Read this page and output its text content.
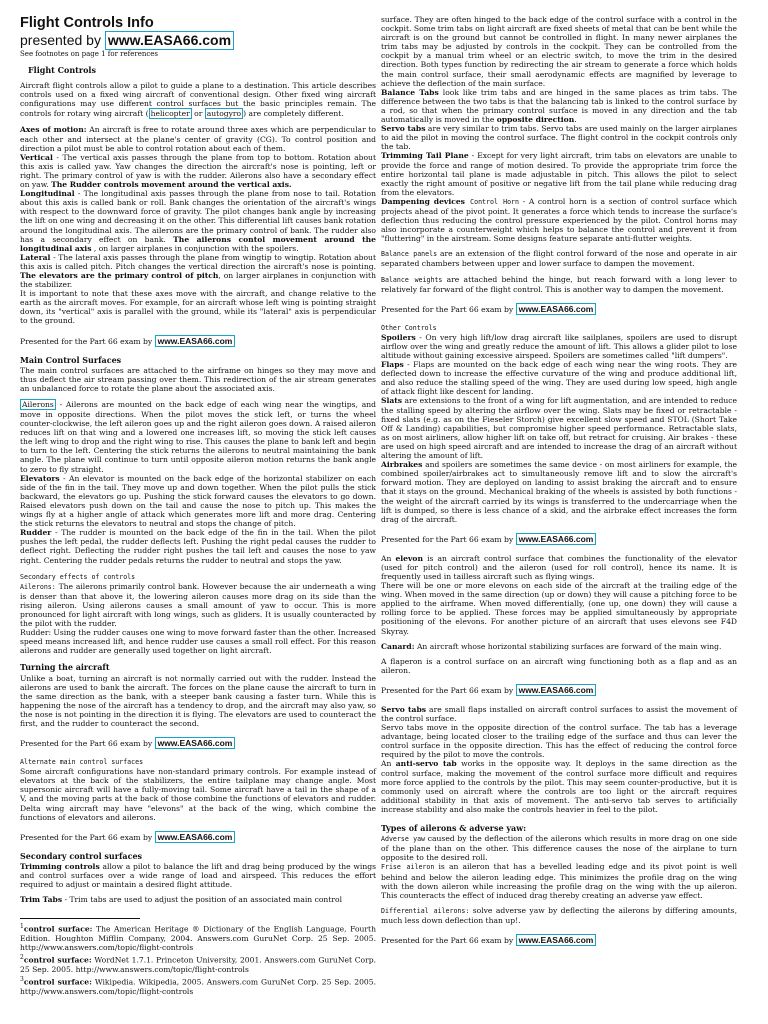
Flight Controls Info

presented by www.EASA66.com

See footnotes on page 1 for references

Flight Controls

Aircraft flight controls allow a pilot to guide a plane to a destination. This article describes controls used on a fixed wing aircraft of conventional design. Other fixed wing aircraft configurations may use different control surfaces but the basic principles remain. The controls for rotary wing aircraft ( helicopter or autogyro ) are completely different.

Axes of motion: An aircraft is free to rotate around three axes which are perpendicular to each other and intersect at the plane's center of gravity (CG). To control position and direction a pilot must be able to control rotation about each of them.

Vertical - The vertical axis passes through the plane from top to bottom. Rotation about this axis is called yaw. Yaw changes the direction the aircraft's nose is pointing, left or right. The primary control of yaw is with the rudder. Ailerons also have a secondary effect on yaw. The Rudder controls movement around the vertical axis.

Longitudinal - The longitudinal axis passes through the plane from nose to tail. Rotation about this axis is called bank or roll. Bank changes the orientation of the aircraft's wings with respect to the downward force of gravity. The pilot changes bank angle by increasing the lift on one wing and decreasing it on the other. This differential lift causes bank rotation around the longitudinal axis. The ailerons are the primary control of bank. The rudder also has a secondary effect on bank. The ailerons contol movement around the longitudinal axis , on larger airplanes in conjunction with the spoilers.

Lateral - The lateral axis passes through the plane from wingtip to wingtip. Rotation about this axis is called pitch. Pitch changes the vertical direction the aircraft's nose is pointing. The elevators are the primary control of pitch, on larger airplanes in conjunction with the stabilizer.

It is important to note that these axes move with the aircraft, and change relative to the earth as the aircraft moves. For example, for an aircraft whose left wing is pointing straight down, its "vertical" axis is parallel with the ground, while its "lateral" axis is perpendicular to the ground.

Presented for the Part 66 exam by www.EASA66.com

Main Control Surfaces

The main control surfaces are attached to the airframe on hinges so they may move and thus deflect the air stream passing over them. This redirection of the air stream generates an unbalanced force to rotate the plane about the associated axis.

Ailerons - Ailerons are mounted on the back edge of each wing near the wingtips, and move in opposite directions. When the pilot moves the stick left, or turns the wheel counter-clockwise, the left aileron goes up and the right aileron goes down. A raised aileron reduces lift on that wing and a lowered one increases lift, so moving the stick left causes the left wing to drop and the right wing to rise. This causes the plane to bank left and begin to turn to the left. Centering the stick returns the ailerons to neutral maintaining the bank angle. The plane will continue to turn until opposite aileron motion returns the bank angle to zero to fly straight.

Elevators - An elevator is mounted on the back edge of the horizontal stabilizer on each side of the fin in the tail. They move up and down together. When the pilot pulls the stick backward, the elevators go up. Pushing the stick forward causes the elevators to go down. Raised elevators push down on the tail and cause the nose to pitch up. This makes the wings fly at a higher angle of attack which generates more lift and more drag. Centering the stick returns the elevators to neutral and stops the change of pitch.

Rudder - The rudder is mounted on the back edge of the fin in the tail. When the pilot pushes the left pedal, the rudder deflects left. Pushing the right pedal causes the rudder to deflect right. Deflecting the rudder right pushes the tail left and causes the nose to yaw right. Centering the rudder pedals returns the rudder to neutral and stops the yaw.

Secondary effects of controls

Ailerons: The ailerons primarily control bank. However because the air underneath a wing is denser than that above it, the lowering aileron causes more drag on its side than the rising aileron. Using ailerons causes a small amount of yaw to occur. This is more pronounced for light aircraft with long wings, such as gliders. It is usually counteracted by the pilot with the rudder.

Rudder: Using the rudder causes one wing to move forward faster than the other. Increased speed means increased lift, and hence rudder use causes a small roll effect. For this reason ailerons and rudder are generally used together on light aircraft.

Turning the aircraft

Unlike a boat, turning an aircraft is not normally carried out with the rudder. Instead the ailerons are used to bank the aircraft. The forces on the plane cause the aircraft to turn in the same direction as the bank, with a steeper bank causing a faster turn. While this is happening the nose of the aircraft has a tendency to drop, and the aircraft may also yaw, so the nose is not pointing in the direction it is flying. The elevators are used to counteract the first, and the rudder to counteract the second.

Presented for the Part 66 exam by www.EASA66.com

Alternate main control surfaces

Some aircraft configurations have non-standard primary controls. For example instead of elevators at the back of the stabilizers, the entire tailplane may change angle. Most supersonic aircraft will have a fully-moving tail. Some aircraft have a tail in the shape of a V, and the moving parts at the back of those combine the functions of elevators and rudder. Delta wing aircraft may have "elevons" at the back of the wing, which combine the functions of elevators and ailerons.

Presented for the Part 66 exam by www.EASA66.com

Secondary control surfaces

Trimming controls allow a pilot to balance the lift and drag being produced by the wings and control surfaces over a wide range of load and airspeed. This reduces the effort required to adjust or maintain a desired flight attitude.

Trim Tabs - Trim tabs are used to adjust the position of an associated main control

$^1$control surface: The American Heritage ® Dictionary of the English Language, Fourth Edition. Houghton Mifflin Company, 2004. Answers.com GuruNet Corp. 25 Sep. 2005. http://www.answers.com/topic/flight-controls

$^2$control surface: WordNet 1.7.1. Princeton University, 2001. Answers.com GuruNet Corp. 25 Sep. 2005. http://www.answers.com/topic/flight-controls

$^3$control surface: Wikipedia. Wikipedia, 2005. Answers.com GuruNet Corp. 25 Sep. 2005. http://www.answers.com/topic/flight-controls

surface. They are often hinged to the back edge of the control surface with a control in the cockpit. Some trim tabs on light aircraft are fixed sheets of metal that can be bent while the aircraft is on the ground but cannot be controlled in flight. In many newer airplanes the trim tabs may be adjusted by controls in the cockpit. They can be controlled from the cockpit by a manual trim wheel or an electric switch, to move the trim in the desired direction. Both types function by redirecting the air stream to generate a force which holds the main control surface, their small aerodynamic effects are magnified by leverage to achieve the deflection of the main surface.

Balance Tabs look like trim tabs and are hinged in the same places as trim tabs. The difference between the two tabs is that the balancing tab is linked to the control surface by a rod, so that when the primary control surface is moved in any direction and the tab automatically is moved in the opposite direction.

Servo tabs are very similar to trim tabs. Servo tabs are used mainly on the larger airplanes to aid the pilot in moving the control surface. The flight control in the cockpit controls only the tab.

Trimming Tail Plane - Except for very light aircraft, trim tabs on elevators are unable to provide the force and range of motion desired. To provide the appropriate trim force the entire horizontal tail plane is made adjustable in pitch. This allows the pilot to select exactly the right amount of positive or negative lift from the tail plane while reducing drag from the elevators.

Dampening devices Control Horn - A control horn is a section of control surface which projects ahead of the pivot point. It generates a force which tends to increase the surface's deflection thus reducing the control pressure experienced by the pilot. Control horns may also incorporate a counterweight which helps to balance the control and prevent it from "fluttering" in the airstream. Some designs feature separate anti-flutter weights.

Balance panels are an extension of the flight control forward of the nose and operate in air separated chambers between upper and lower surface to dampen the movement.

Balance weights are attached behind the hinge, but reach forward with a long lever to relatively far forward of the flight control. This is another way to dampen the movement.

Presented for the Part 66 exam by www.EASA66.com

Other Controls

Spoilers - On very high lift/low drag aircraft like sailplanes, spoilers are used to disrupt airflow over the wing and greatly reduce the amount of lift. This allows a glider pilot to lose altitude without gaining excessive airspeed. Spoilers are sometimes called "lift dumpers".

Flaps - Flaps are mounted on the back edge of each wing near the wing roots. They are deflected down to increase the effective curvature of the wing and produce additional lift, and also reduce the stalling speed of the wing. They are used during low speed, high angle of attack flight like descent for landing.

Slats are extensions to the front of a wing for lift augmentation, and are intended to reduce the stalling speed by altering the airflow over the wing. Slats may be fixed or retractable - fixed slats (e.g. as on the Fieseler Storch) give excellent slow speed and STOL (Short Take Off & Landing) capabilities, but compromise higher speed performance. Retractable slats, as on most airliners, allow higher lift on take off, but retract for cruising. Air brakes - these are used on high speed aircraft and are intended to increase the drag of an aircraft without altering the amount of lift.

Airbrakes and spoilers are sometimes the same device - on most airliners for example, the combined spoiler/airbrakes act to simultaneously remove lift and to slow the aircraft's forward motion. They are deployed on landing to assist braking the aircraft and to ensure that it stays on the ground. Mechanical braking of the wheels is assisted by both functions - the weight of the aircraft carried by its wings is transferred to the undercarriage when the lift is dumped, so there is less chance of a skid, and the airbrake effect increases the form drag of the aircraft.

Presented for the Part 66 exam by www.EASA66.com

An elevon is an aircraft control surface that combines the functionality of the elevator (used for pitch control) and the aileron (used for roll control), hence its name. It is frequently used in tailless aircraft such as flying wings.

There will be one or more elevons on each side of the aircraft at the trailing edge of the wing. When moved in the same direction (up or down) they will cause a pitching force to be applied to the airframe. When moved differentially, (one up, one down) they will cause a rolling force to be applied. These forces may be applied simultaneously by appropriate positioning of the elevons. For another picture of an aircraft that uses elevons see F4D Skyray.

Canard: An aircraft whose horizontal stabilizing surfaces are forward of the main wing.

A flaperon is a control surface on an aircraft wing functioning both as a flap and as an aileron.

Presented for the Part 66 exam by www.EASA66.com

Servo tabs are small flaps installed on aircraft control surfaces to assist the movement of the control surface.

Servo tabs move in the opposite direction of the control surface. The tab has a leverage advantage, being located closer to the trailing edge of the surface and thus can lever the control surface in the opposite direction. This has the effect of reducing the control force required by the pilot to move the controls.

An anti-servo tab works in the opposite way. It deploys in the same direction as the control surface, making the movement of the control surface more difficult and requires more force applied to the controls by the pilot. This may seem counter-productive, but it is commonly used on aircraft where the controls are too light or the aircraft requires additional stability in that axis of movement. The anti-servo tab serves to artificially increase stability and also make the controls heavier in feel to the pilot.

Types of ailerons & adverse yaw:

Adverse yaw caused by the deflection of the ailerons which results in more drag on one side of the plane than on the other. This difference causes the nose of the airplane to turn opposite to the desired roll.

Frise aileron is an aileron that has a bevelled leading edge and its pivot point is well behind and below the aileron leading edge. This minimizes the profile drag on the wing with the down aileron while increasing the profile drag on the wing with the up aileron. This counteracts the effect of induced drag thereby creating an adverse yaw effect.

Differential ailerons: solve adverse yaw by deflecting the ailerons by differing amounts, much less down deflection than up!.

Presented for the Part 66 exam by www.EASA66.com
